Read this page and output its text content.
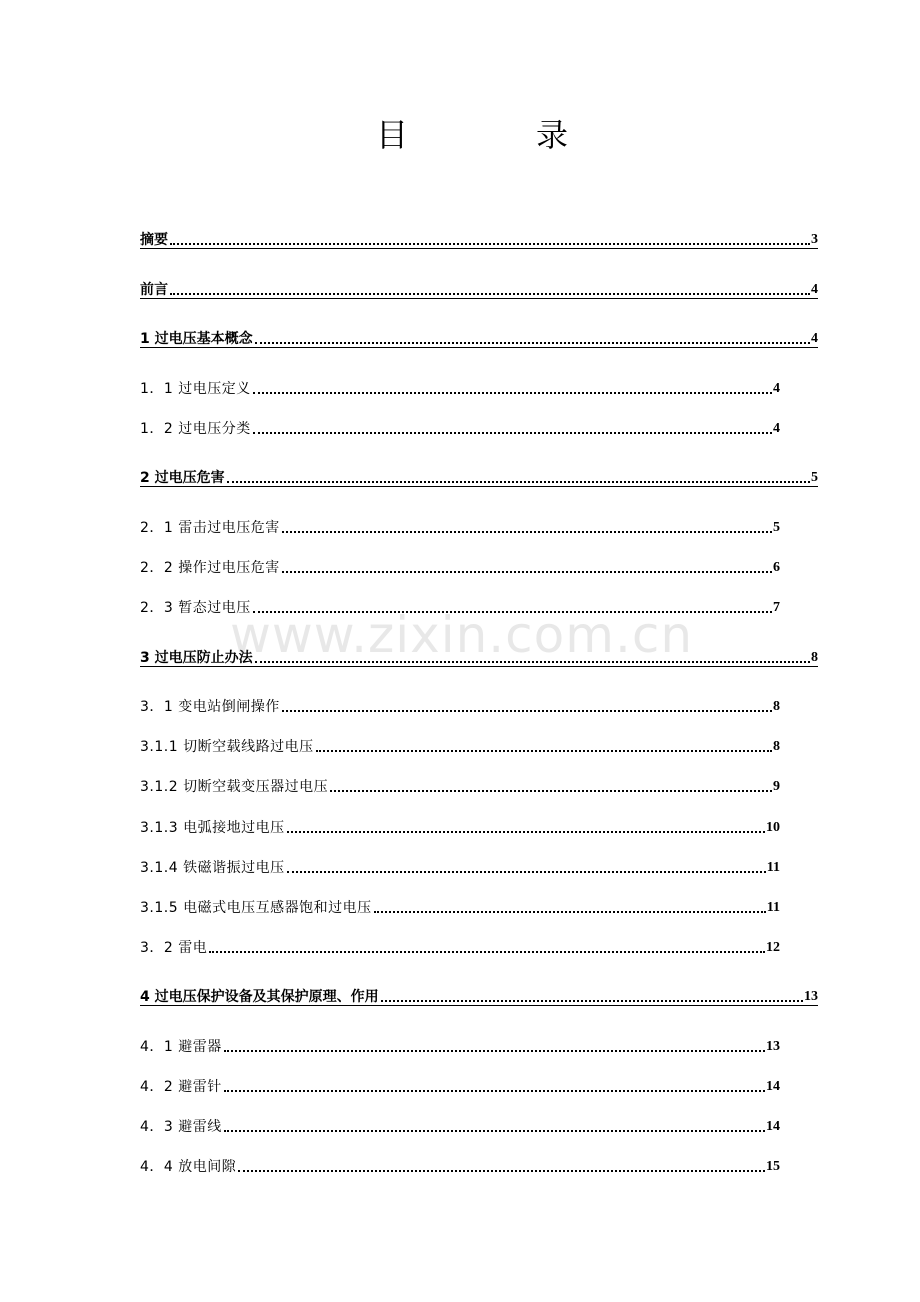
目　录
摘要	3
前言	4
1 过电压基本概念	4
1．1 过电压定义	4
1．2 过电压分类	4
2 过电压危害	5
2．1 雷击过电压危害	5
2．2 操作过电压危害	6
2．3 暂态过电压	7
3 过电压防止办法	8
3．1 变电站倒闸操作	8
3.1.1 切断空载线路过电压	8
3.1.2 切断空载变压器过电压	9
3.1.3 电弧接地过电压	10
3.1.4 铁磁谐振过电压	11
3.1.5 电磁式电压互感器饱和过电压	11
3．2 雷电	12
4 过电压保护设备及其保护原理、作用	13
4．1 避雷器	13
4．2 避雷针	14
4．3 避雷线	14
4．4 放电间隙	15
www.zixin.com.cn
